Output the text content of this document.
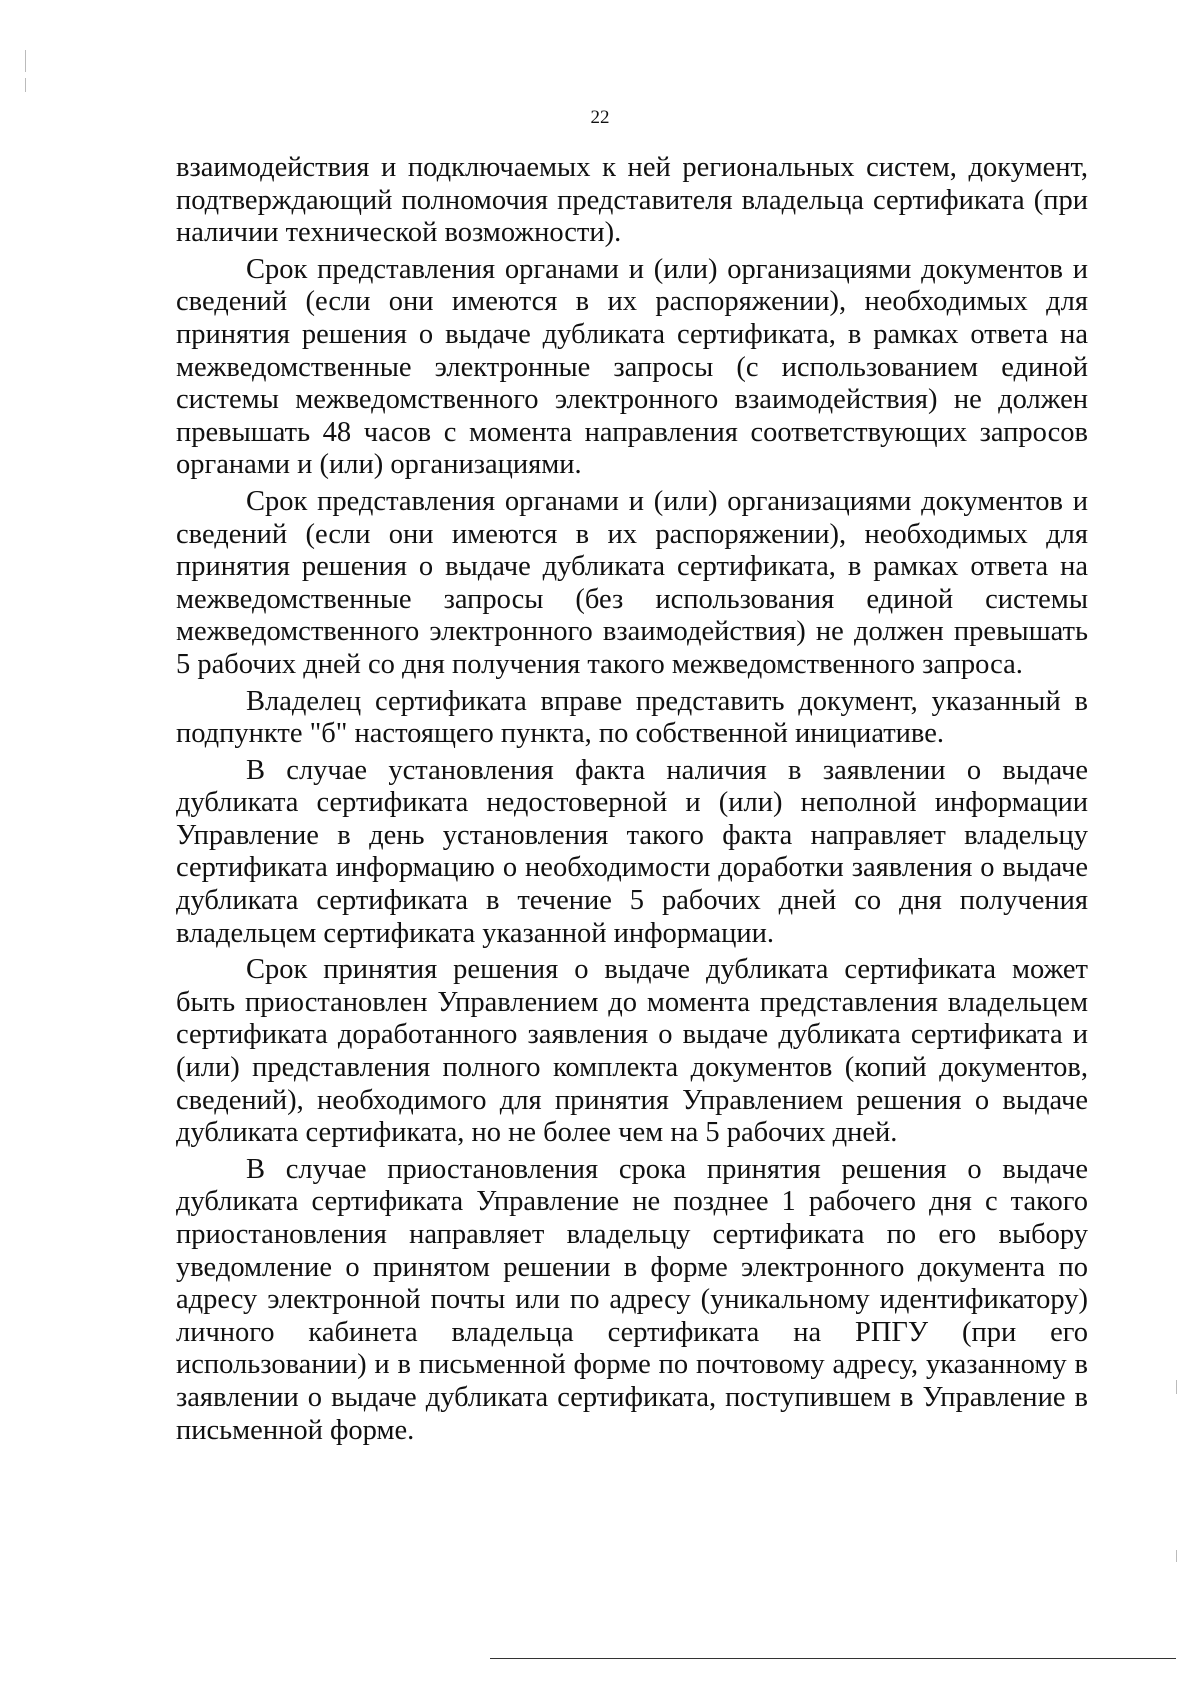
22

взаимодействия и подключаемых к ней региональных систем, документ, подтверждающий полномочия представителя владельца сертификата (при наличии технической возможности).

Срок представления органами и (или) организациями документов и сведений (если они имеются в их распоряжении), необходимых для принятия решения о выдаче дубликата сертификата, в рамках ответа на межведомственные электронные запросы (с использованием единой системы межведомственного электронного взаимодействия) не должен превышать 48 часов с момента направления соответствующих запросов органами и (или) организациями.

Срок представления органами и (или) организациями документов и сведений (если они имеются в их распоряжении), необходимых для принятия решения о выдаче дубликата сертификата, в рамках ответа на межведомственные запросы (без использования единой системы межведомственного электронного взаимодействия) не должен превышать 5 рабочих дней со дня получения такого межведомственного запроса.

Владелец сертификата вправе представить документ, указанный в подпункте "б" настоящего пункта, по собственной инициативе.

В случае установления факта наличия в заявлении о выдаче дубликата сертификата недостоверной и (или) неполной информации Управление в день установления такого факта направляет владельцу сертификата информацию о необходимости доработки заявления о выдаче дубликата сертификата в течение 5 рабочих дней со дня получения владельцем сертификата указанной информации.

Срок принятия решения о выдаче дубликата сертификата может быть приостановлен Управлением до момента представления владельцем сертификата доработанного заявления о выдаче дубликата сертификата и (или) представления полного комплекта документов (копий документов, сведений), необходимого для принятия Управлением решения о выдаче дубликата сертификата, но не более чем на 5 рабочих дней.

В случае приостановления срока принятия решения о выдаче дубликата сертификата Управление не позднее 1 рабочего дня с такого приостановления направляет владельцу сертификата по его выбору уведомление о принятом решении в форме электронного документа по адресу электронной почты или по адресу (уникальному идентификатору) личного кабинета владельца сертификата на РПГУ (при его использовании) и в письменной форме по почтовому адресу, указанному в заявлении о выдаче дубликата сертификата, поступившем в Управление в письменной форме.
